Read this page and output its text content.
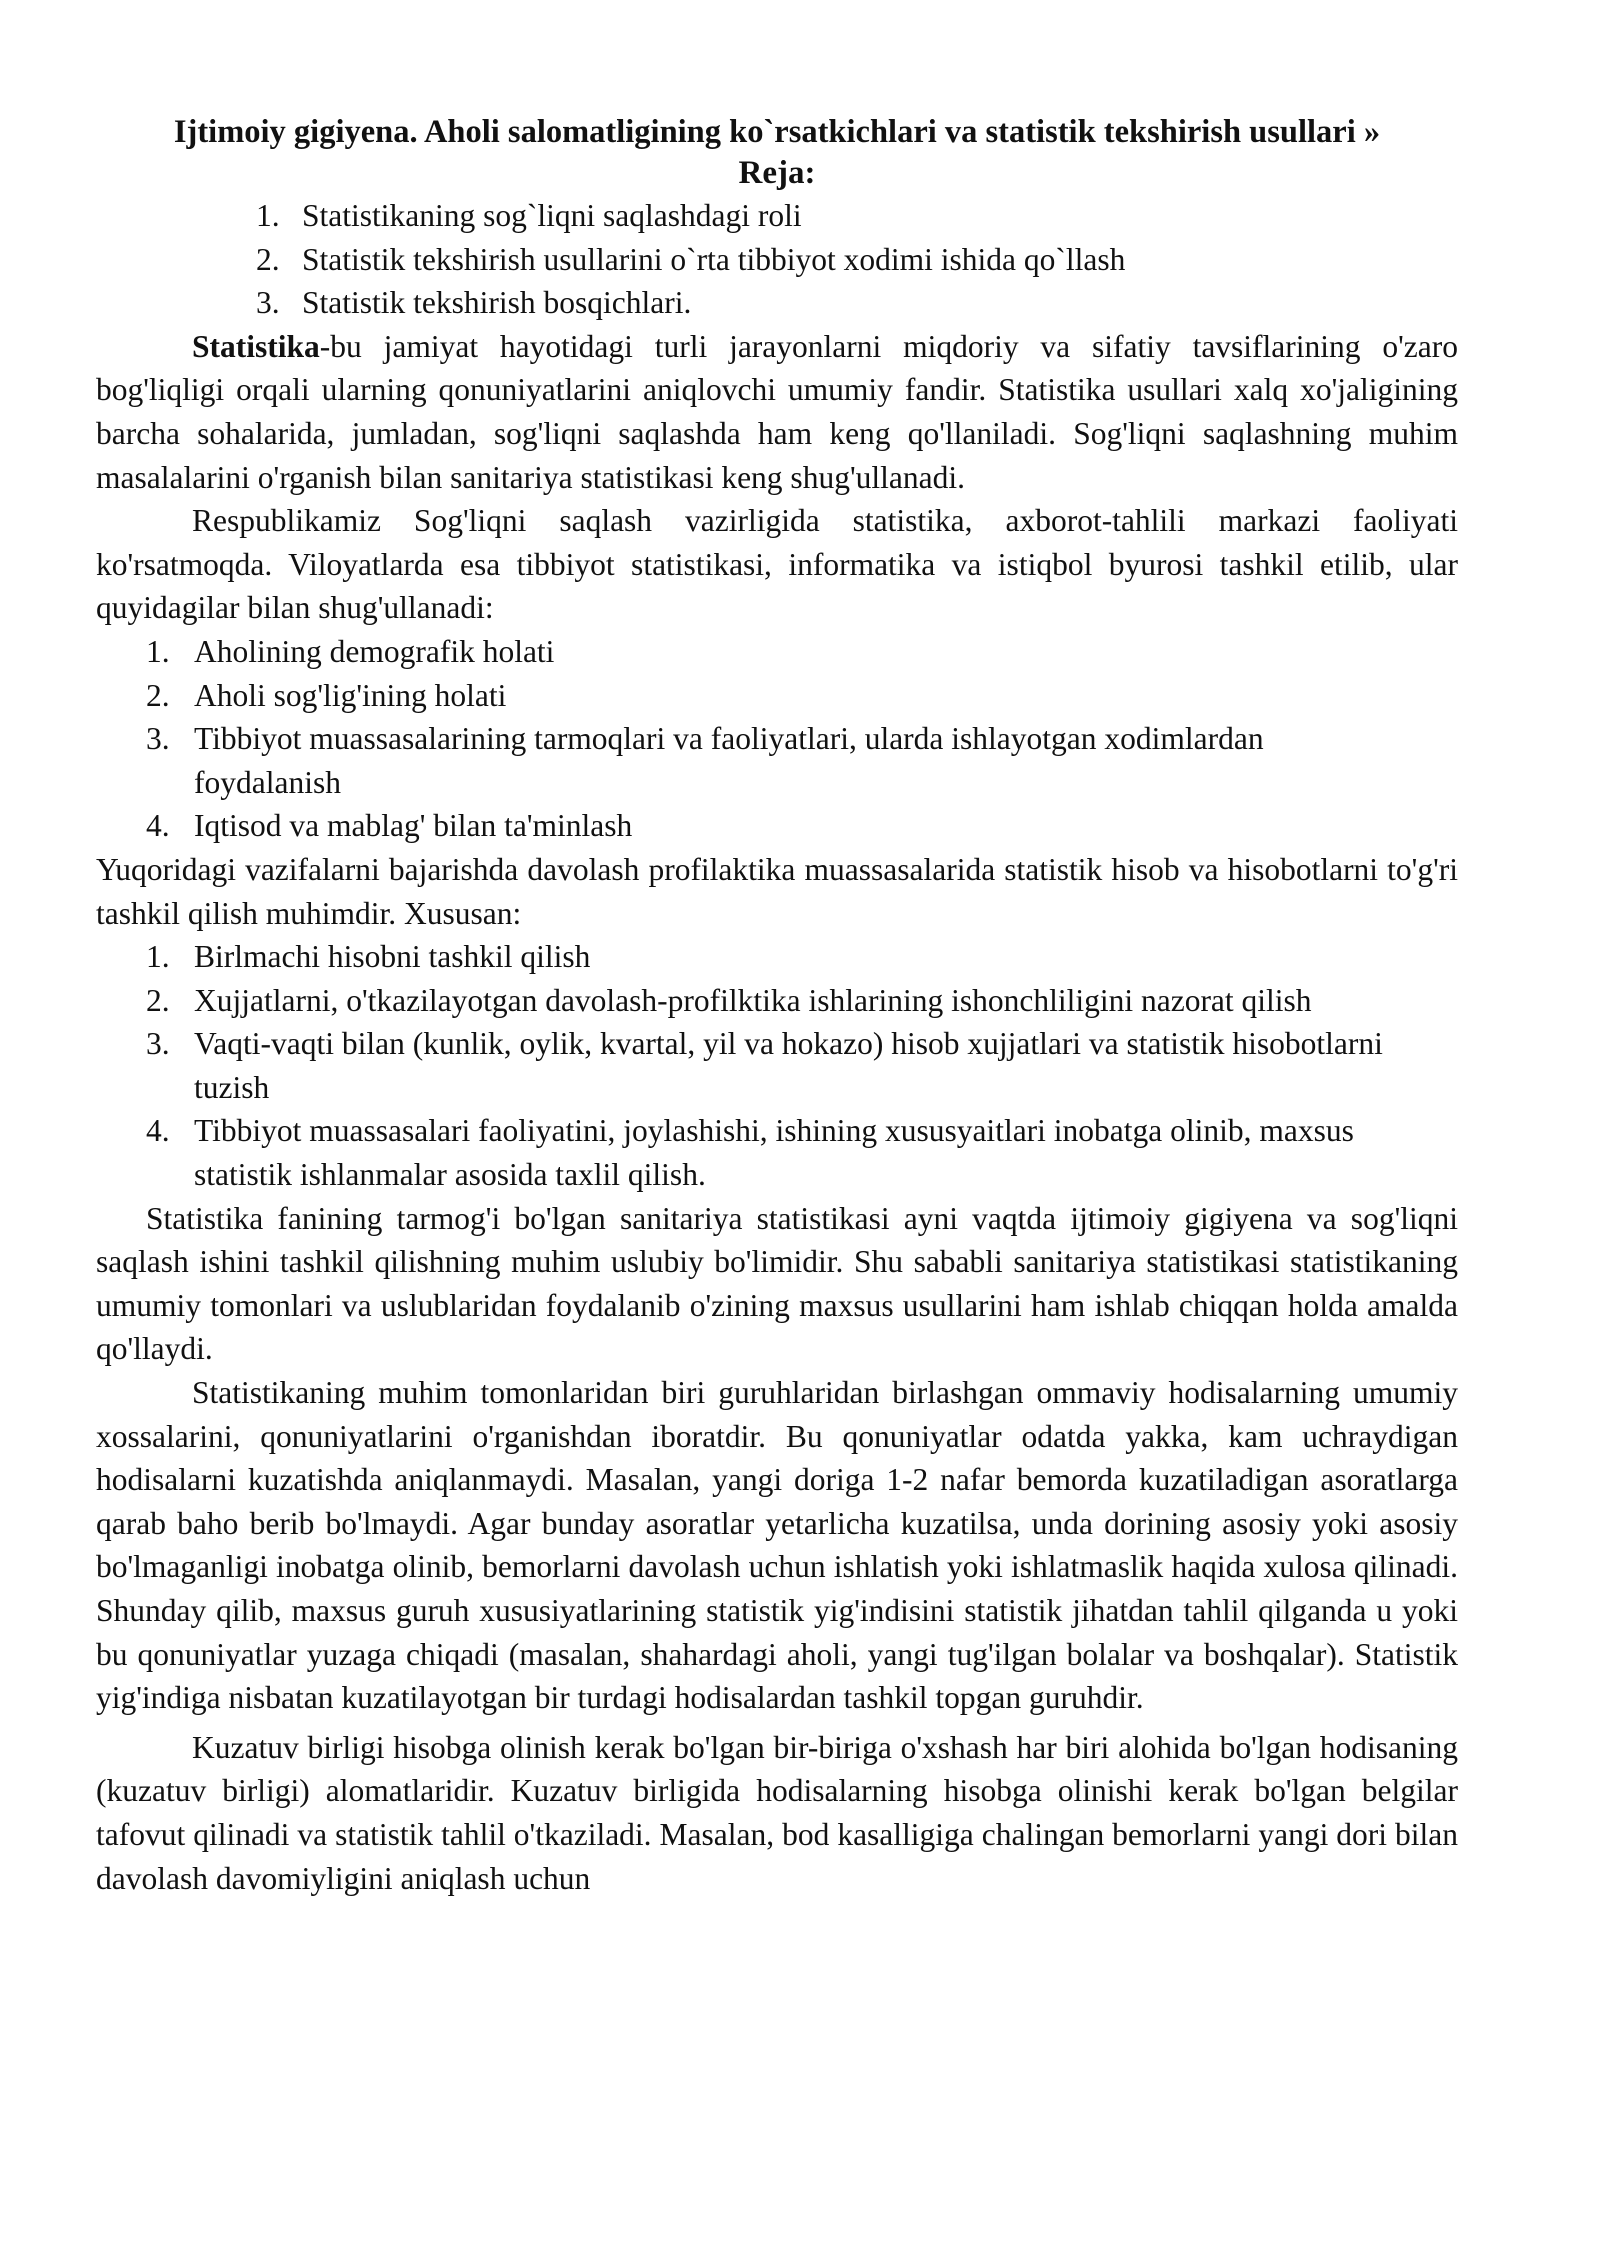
Ijtimoiy gigiyena. Aholi salomatligining ko`rsatkichlari va statistik tekshirish usullari »
Reja:
1. Statistikaning sog`liqni saqlashdagi roli
2. Statistik tekshirish usullarini o`rta tibbiyot xodimi ishida qo`llash
3. Statistik tekshirish bosqichlari.

Statistika-bu jamiyat hayotidagi turli jarayonlarni miqdoriy va sifatiy tavsiflarining o'zaro bog'liqligi orqali ularning qonuniyatlarini aniqlovchi umumiy fandir. Statistika usullari xalq xo'jaligining barcha sohalarida, jumladan, sog'liqni saqlashda ham keng qo'llaniladi. Sog'liqni saqlashning muhim masalalarini o'rganish bilan sanitariya statistikasi keng shug'ullanadi.

Respublikamiz Sog'liqni saqlash vazirligida statistika, axborot-tahlili markazi faoliyati ko'rsatmoqda. Viloyatlarda esa tibbiyot statistikasi, informatika va istiqbol byurosi tashkil etilib, ular quyidagilar bilan shug'ullanadi:

1. Aholining demografik holati
2. Aholi sog'lig'ining holati
3. Tibbiyot muassasalarining tarmoqlari va faoliyatlari, ularda ishlayotgan xodimlardan foydalanish
4. Iqtisod va mablag' bilan ta'minlash

Yuqoridagi vazifalarni bajarishda davolash profilaktika muassasalarida statistik hisob va hisobotlarni to'g'ri tashkil qilish muhimdir. Xususan:

1. Birlmachi hisobni tashkil qilish
2. Xujjatlarni, o'tkazilayotgan davolash-profilktika ishlarining ishonchliligini nazorat qilish
3. Vaqti-vaqti bilan (kunlik, oylik, kvartal, yil va hokazo) hisob xujjatlari va statistik hisobotlarni tuzish
4. Tibbiyot muassasalari faoliyatini, joylashishi, ishining xususyaitlari inobatga olinib, maxsus statistik ishlanmalar asosida taxlil qilish.

Statistika fanining tarmog'i bo'lgan sanitariya statistikasi ayni vaqtda ijtimoiy gigiyena va sog'liqni saqlash ishini tashkil qilishning muhim uslubiy bo'limidir. Shu sababli sanitariya statistikasi statistikaning umumiy tomonlari va uslublaridan foydalanib o'zining maxsus usullarini ham ishlab chiqqan holda amalda qo'llaydi.

Statistikaning muhim tomonlaridan biri guruhlaridan birlashgan ommaviy hodisalarning umumiy xossalarini, qonuniyatlarini o'rganishdan iboratdir. Bu qonuniyatlar odatda yakka, kam uchraydigan hodisalarni kuzatishda aniqlanmaydi. Masalan, yangi doriga 1-2 nafar bemorda kuzatiladigan asoratlarga qarab baho berib bo'lmaydi. Agar bunday asoratlar yetarlicha kuzatilsa, unda dorining asosiy yoki asosiy bo'lmaganligi inobatga olinib, bemorlarni davolash uchun ishlatish yoki ishlatmaslik haqida xulosa qilinadi. Shunday qilib, maxsus guruh xususiyatlarining statistik yig'indisini statistik jihatdan tahlil qilganda u yoki bu qonuniyatlar yuzaga chiqadi (masalan, shahardagi aholi, yangi tug'ilgan bolalar va boshqalar). Statistik yig'indiga nisbatan kuzatilayotgan bir turdagi hodisalardan tashkil topgan guruhdir.

Kuzatuv birligi hisobga olinish kerak bo'lgan bir-biriga o'xshash har biri alohida bo'lgan hodisaning (kuzatuv birligi) alomatlaridir. Kuzatuv birligida hodisalarning hisobga olinishi kerak bo'lgan belgilar tafovut qilinadi va statistik tahlil o'tkaziladi. Masalan, bod kasalligiga chalingan bemorlarni yangi dori bilan davolash davomiyligini aniqlash uchun
